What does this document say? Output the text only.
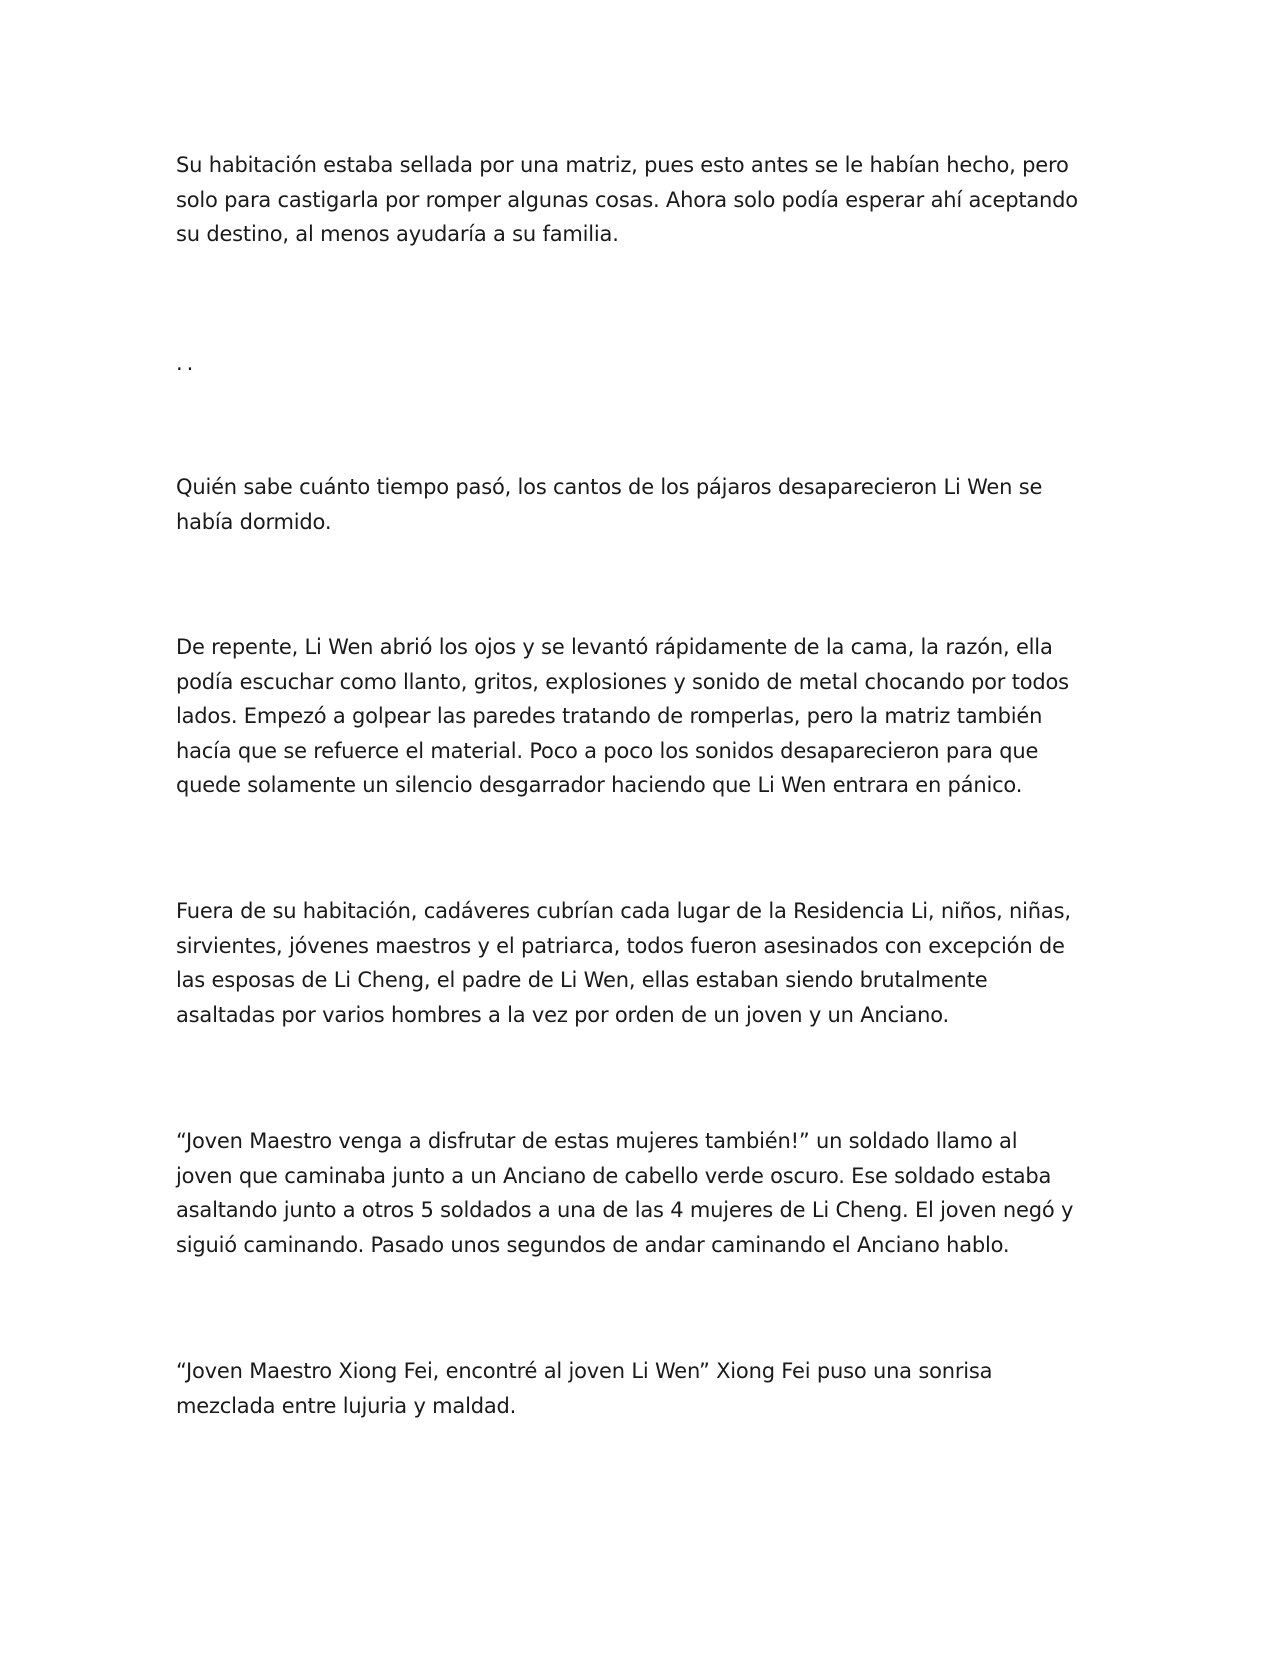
Su habitación estaba sellada por una matriz, pues esto antes se le habían hecho, pero
solo para castigarla por romper algunas cosas. Ahora solo podía esperar ahí aceptando
su destino, al menos ayudaría a su familia.

..

Quién sabe cuánto tiempo pasó, los cantos de los pájaros desaparecieron Li Wen se
había dormido.

De repente, Li Wen abrió los ojos y se levantó rápidamente de la cama, la razón, ella
podía escuchar como llanto, gritos, explosiones y sonido de metal chocando por todos
lados. Empezó a golpear las paredes tratando de romperlas, pero la matriz también
hacía que se refuerce el material. Poco a poco los sonidos desaparecieron para que
quede solamente un silencio desgarrador haciendo que Li Wen entrara en pánico.

Fuera de su habitación, cadáveres cubrían cada lugar de la Residencia Li, niños, niñas,
sirvientes, jóvenes maestros y el patriarca, todos fueron asesinados con excepción de
las esposas de Li Cheng, el padre de Li Wen, ellas estaban siendo brutalmente
asaltadas por varios hombres a la vez por orden de un joven y un Anciano.

“Joven Maestro venga a disfrutar de estas mujeres también!” un soldado llamo al
joven que caminaba junto a un Anciano de cabello verde oscuro. Ese soldado estaba
asaltando junto a otros 5 soldados a una de las 4 mujeres de Li Cheng. El joven negó y
siguió caminando. Pasado unos segundos de andar caminando el Anciano hablo.

“Joven Maestro Xiong Fei, encontré al joven Li Wen” Xiong Fei puso una sonrisa
mezclada entre lujuria y maldad.
